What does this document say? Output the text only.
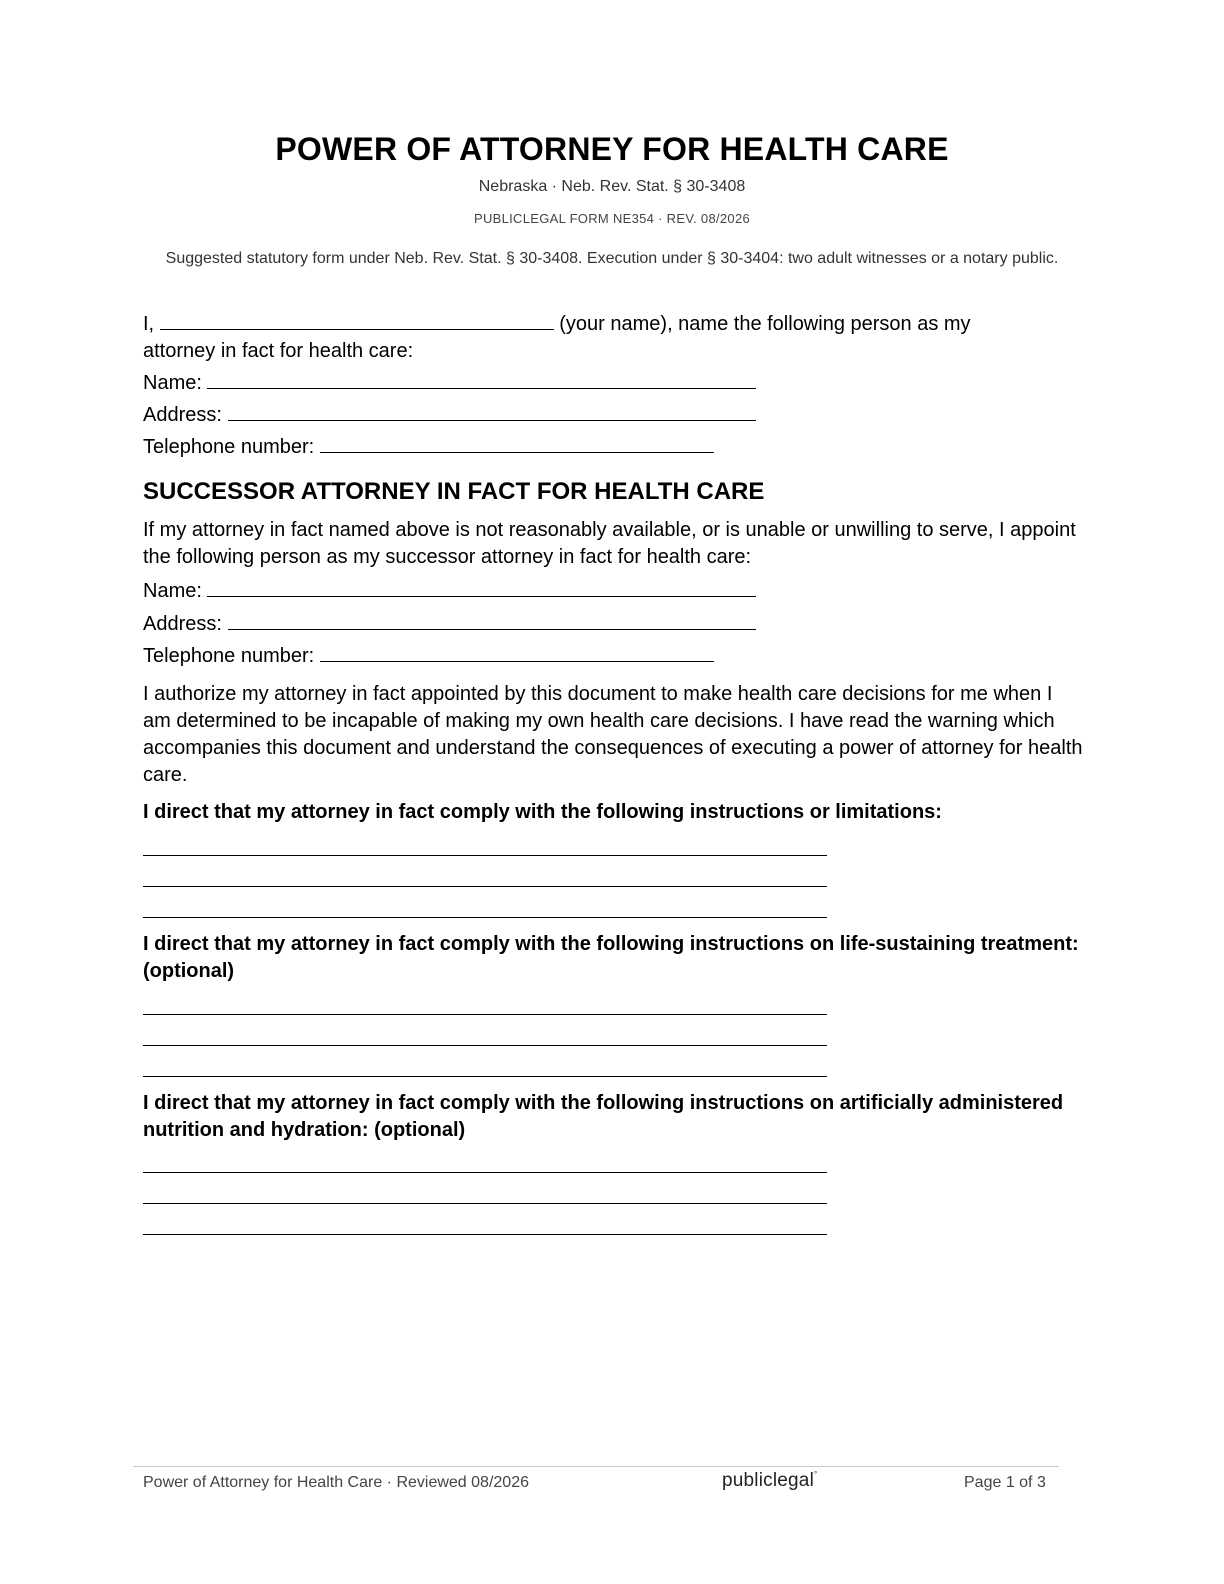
POWER OF ATTORNEY FOR HEALTH CARE
Nebraska · Neb. Rev. Stat. § 30-3408
PUBLICLEGAL FORM NE354 · REV. 08/2026
Suggested statutory form under Neb. Rev. Stat. § 30-3408. Execution under § 30-3404: two adult witnesses or a notary public.
I,	(your name), name the following person as my
attorney in fact for health care:
Name:
Address:
Telephone number:
SUCCESSOR ATTORNEY IN FACT FOR HEALTH CARE
If my attorney in fact named above is not reasonably available, or is unable or unwilling to serve, I appoint the following person as my successor attorney in fact for health care:
Name:
Address:
Telephone number:
I authorize my attorney in fact appointed by this document to make health care decisions for me when I am determined to be incapable of making my own health care decisions. I have read the warning which accompanies this document and understand the consequences of executing a power of attorney for health care.
I direct that my attorney in fact comply with the following instructions or limitations:
I direct that my attorney in fact comply with the following instructions on life-sustaining treatment: (optional)
I direct that my attorney in fact comply with the following instructions on artificially administered nutrition and hydration: (optional)
Power of Attorney for Health Care · Reviewed 08/2026	publiclegal°	Page 1 of 3
